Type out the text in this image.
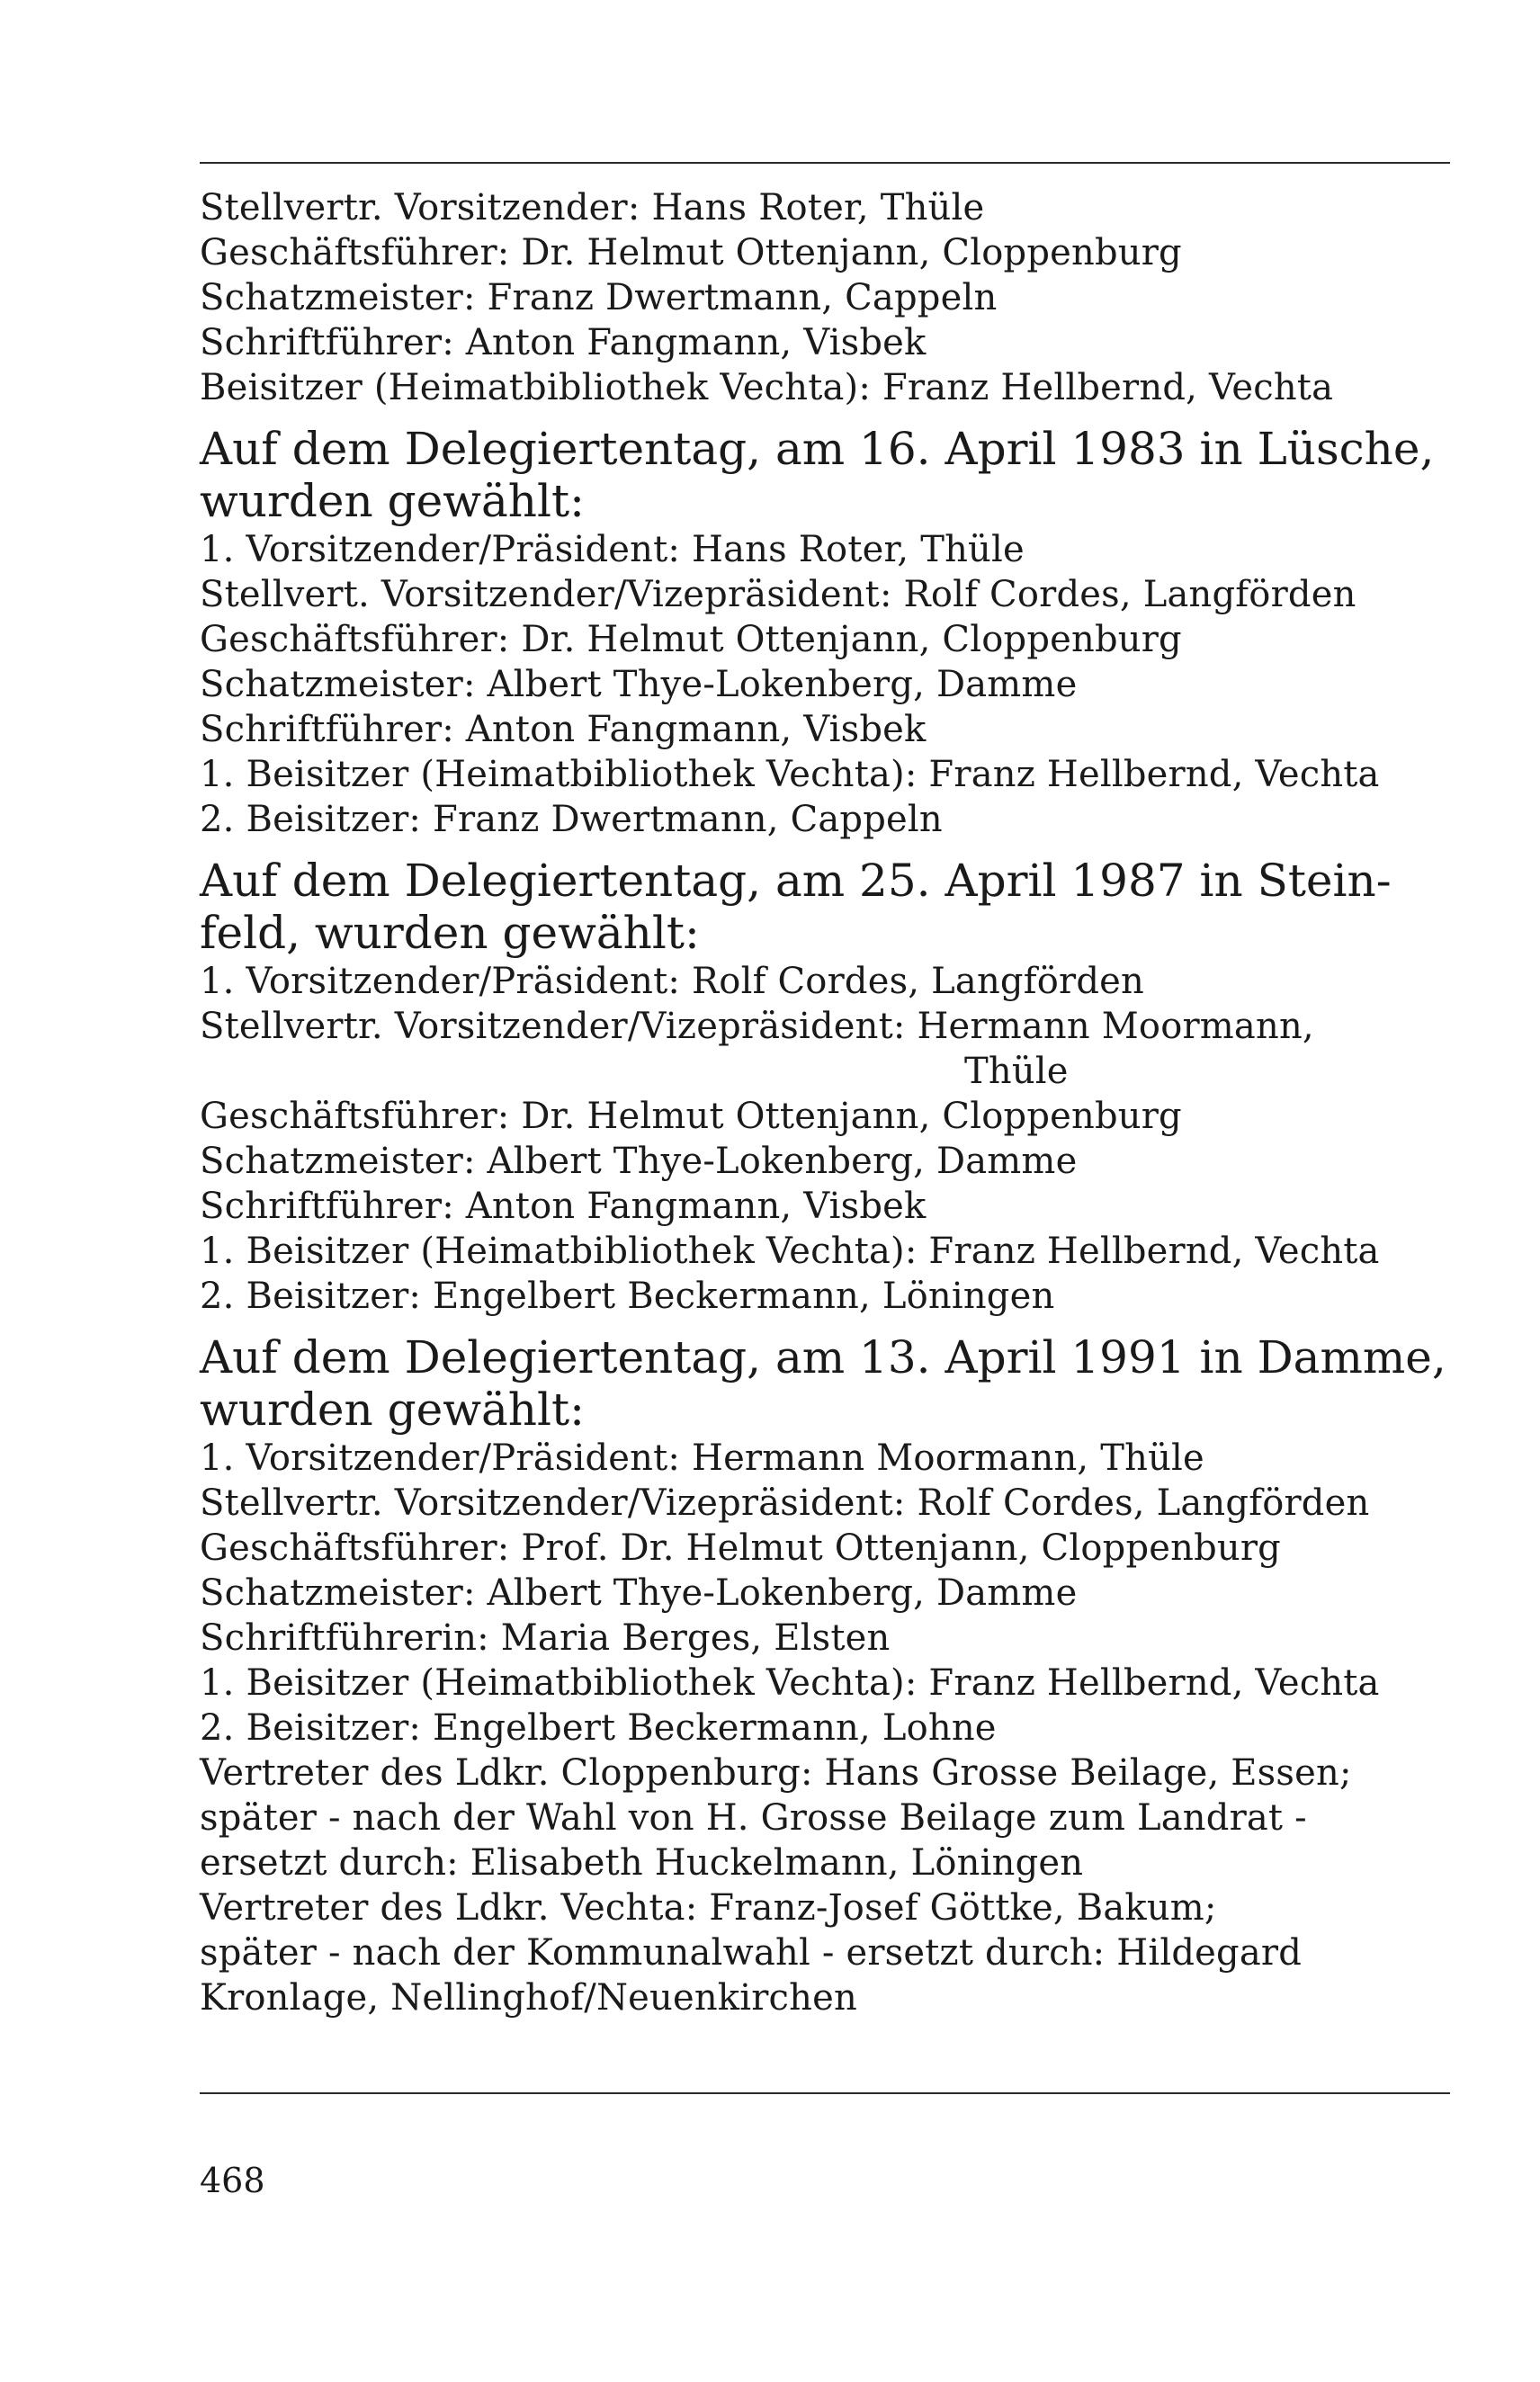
Stellvertr. Vorsitzender: Hans Roter, Thüle
Geschäftsführer: Dr. Helmut Ottenjann, Cloppenburg
Schatzmeister: Franz Dwertmann, Cappeln
Schriftführer: Anton Fangmann, Visbek
Beisitzer (Heimatbibliothek Vechta): Franz Hellbernd, Vechta
Auf dem Delegiertentag, am 16. April 1983 in Lüsche,
wurden gewählt:
1. Vorsitzender/Präsident: Hans Roter, Thüle
Stellvert. Vorsitzender/Vizepräsident: Rolf Cordes, Langförden
Geschäftsführer: Dr. Helmut Ottenjann, Cloppenburg
Schatzmeister: Albert Thye-Lokenberg, Damme
Schriftführer: Anton Fangmann, Visbek
1. Beisitzer (Heimatbibliothek Vechta): Franz Hellbernd, Vechta
2. Beisitzer: Franz Dwertmann, Cappeln
Auf dem Delegiertentag, am 25. April 1987 in Stein-
feld, wurden gewählt:
1. Vorsitzender/Präsident: Rolf Cordes, Langförden
Stellvertr. Vorsitzender/Vizepräsident: Hermann Moormann,
Thüle
Geschäftsführer: Dr. Helmut Ottenjann, Cloppenburg
Schatzmeister: Albert Thye-Lokenberg, Damme
Schriftführer: Anton Fangmann, Visbek
1. Beisitzer (Heimatbibliothek Vechta): Franz Hellbernd, Vechta
2. Beisitzer: Engelbert Beckermann, Löningen
Auf dem Delegiertentag, am 13. April 1991 in Damme,
wurden gewählt:
1. Vorsitzender/Präsident: Hermann Moormann, Thüle
Stellvertr. Vorsitzender/Vizepräsident: Rolf Cordes, Langförden
Geschäftsführer: Prof. Dr. Helmut Ottenjann, Cloppenburg
Schatzmeister: Albert Thye-Lokenberg, Damme
Schriftführerin: Maria Berges, Elsten
1. Beisitzer (Heimatbibliothek Vechta): Franz Hellbernd, Vechta
2. Beisitzer: Engelbert Beckermann, Lohne
Vertreter des Ldkr. Cloppenburg: Hans Grosse Beilage, Essen;
später - nach der Wahl von H. Grosse Beilage zum Landrat -
ersetzt durch: Elisabeth Huckelmann, Löningen
Vertreter des Ldkr. Vechta: Franz-Josef Göttke, Bakum;
später - nach der Kommunalwahl - ersetzt durch: Hildegard
Kronlage, Nellinghof/Neuenkirchen
468
